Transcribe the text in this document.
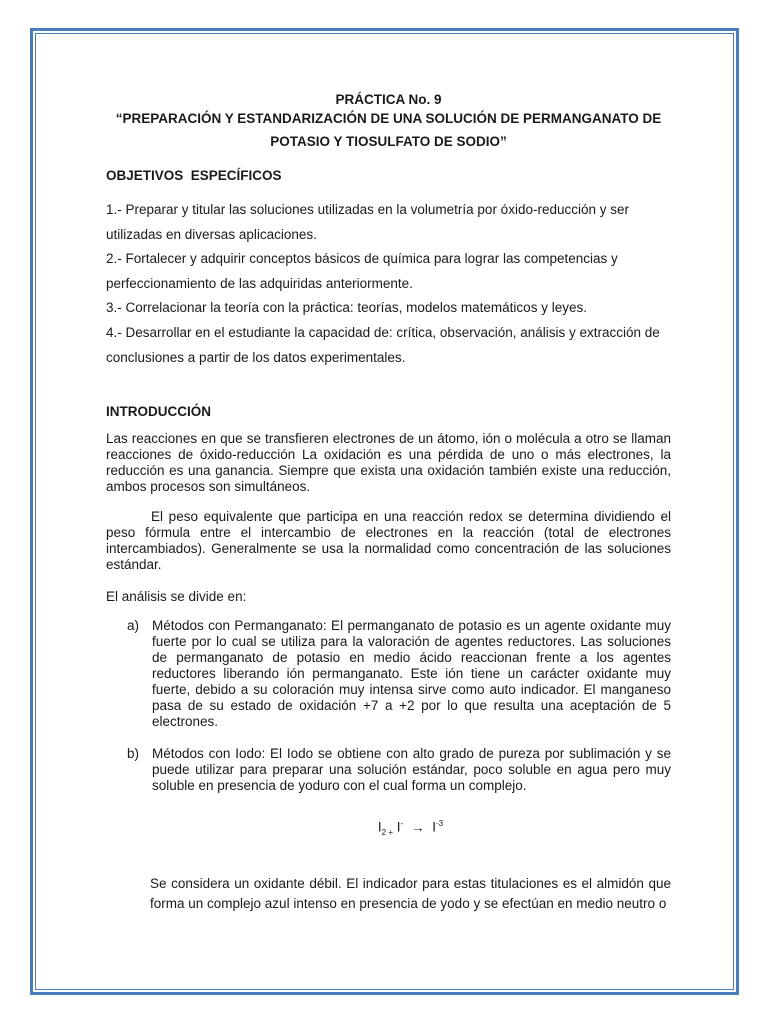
PRÁCTICA No. 9
“PREPARACIÓN Y ESTANDARIZACIÓN DE UNA SOLUCIÓN DE PERMANGANATO DE
POTASIO Y TIOSULFATO DE SODIO”
OBJETIVOS  ESPECÍFICOS

1.- Preparar y titular las soluciones utilizadas en la volumetría por óxido-reducción y ser utilizadas en diversas aplicaciones.

2.- Fortalecer y adquirir conceptos básicos de química para lograr las competencias y perfeccionamiento de las adquiridas anteriormente.

3.- Correlacionar la teoría con la práctica: teorías, modelos matemáticos y leyes.

4.- Desarrollar en el estudiante la capacidad de: crítica, observación, análisis y extracción de conclusiones a partir de los datos experimentales.

INTRODUCCIÓN
Las reacciones en que se transfieren electrones de un átomo, ión o molécula a otro se llaman reacciones de óxido-reducción La oxidación es una pérdida de uno o más electrones, la reducción es una ganancia. Siempre que exista una oxidación también existe una reducción, ambos procesos son simultáneos.
El peso equivalente que participa en una reacción redox se determina dividiendo el peso fórmula entre el intercambio de electrones en la reacción (total de electrones intercambiados). Generalmente se usa la normalidad como concentración de las soluciones estándar.
El análisis se divide en:
a) Métodos con Permanganato: El permanganato de potasio es un agente oxidante muy fuerte por lo cual se utiliza para la valoración de agentes reductores. Las soluciones de permanganato de potasio en medio ácido reaccionan frente a los agentes reductores liberando ión permanganato. Este ión tiene un carácter oxidante muy fuerte, debido a su coloración muy intensa sirve como auto indicador. El manganeso pasa de su estado de oxidación +7 a +2 por lo que resulta una aceptación de 5 electrones.
b) Métodos con Iodo: El Iodo se obtiene con alto grado de pureza por sublimación y se puede utilizar para preparar una solución estándar, poco soluble en agua pero muy soluble en presencia de yoduro con el cual forma un complejo.
$I_{2 +}$ $I^- \to I^{-3}$
Se considera un oxidante débil. El indicador para estas titulaciones es el almidón que forma un complejo azul intenso en presencia de yodo y se efectúan en medio neutro o
